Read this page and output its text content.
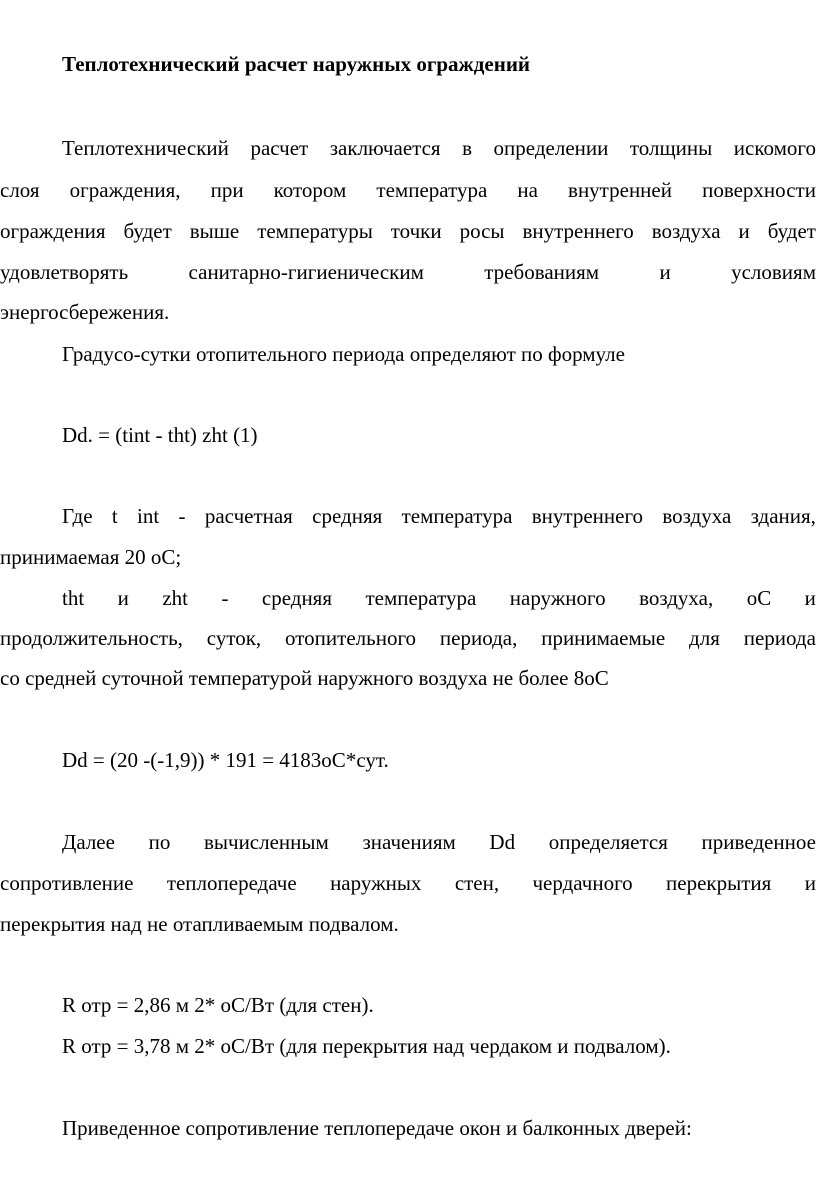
Теплотехнический расчет наружных ограждений
Теплотехнический расчет заключается в определении толщины искомого
слоя ограждения, при котором температура на внутренней поверхности
ограждения будет выше температуры точки росы внутреннего воздуха и будет
удовлетворять	санитарно-гигиеническим	требованиям	и	условиям
энергосбережения.
Градусо-сутки отопительного периода определяют по формуле
Dd. = (tint - tht) zht (1)
Где t int - расчетная средняя температура внутреннего воздуха здания,
принимаемая 20 оС;
tht и zht - средняя температура наружного воздуха, оС и
продолжительность, суток, отопительного периода, принимаемые для периода
со средней суточной температурой наружного воздуха не более 8оС
Dd = (20 -(-1,9)) * 191 = 4183оС*сут.
Далее по вычисленным значениям Dd определяется приведенное
сопротивление теплопередаче наружных стен, чердачного перекрытия и
перекрытия над не отапливаемым подвалом.
R отр = 2,86 м 2* оС/Вт (для стен).
R отр = 3,78 м 2* оС/Вт (для перекрытия над чердаком и подвалом).
Приведенное сопротивление теплопередаче окон и балконных дверей:
